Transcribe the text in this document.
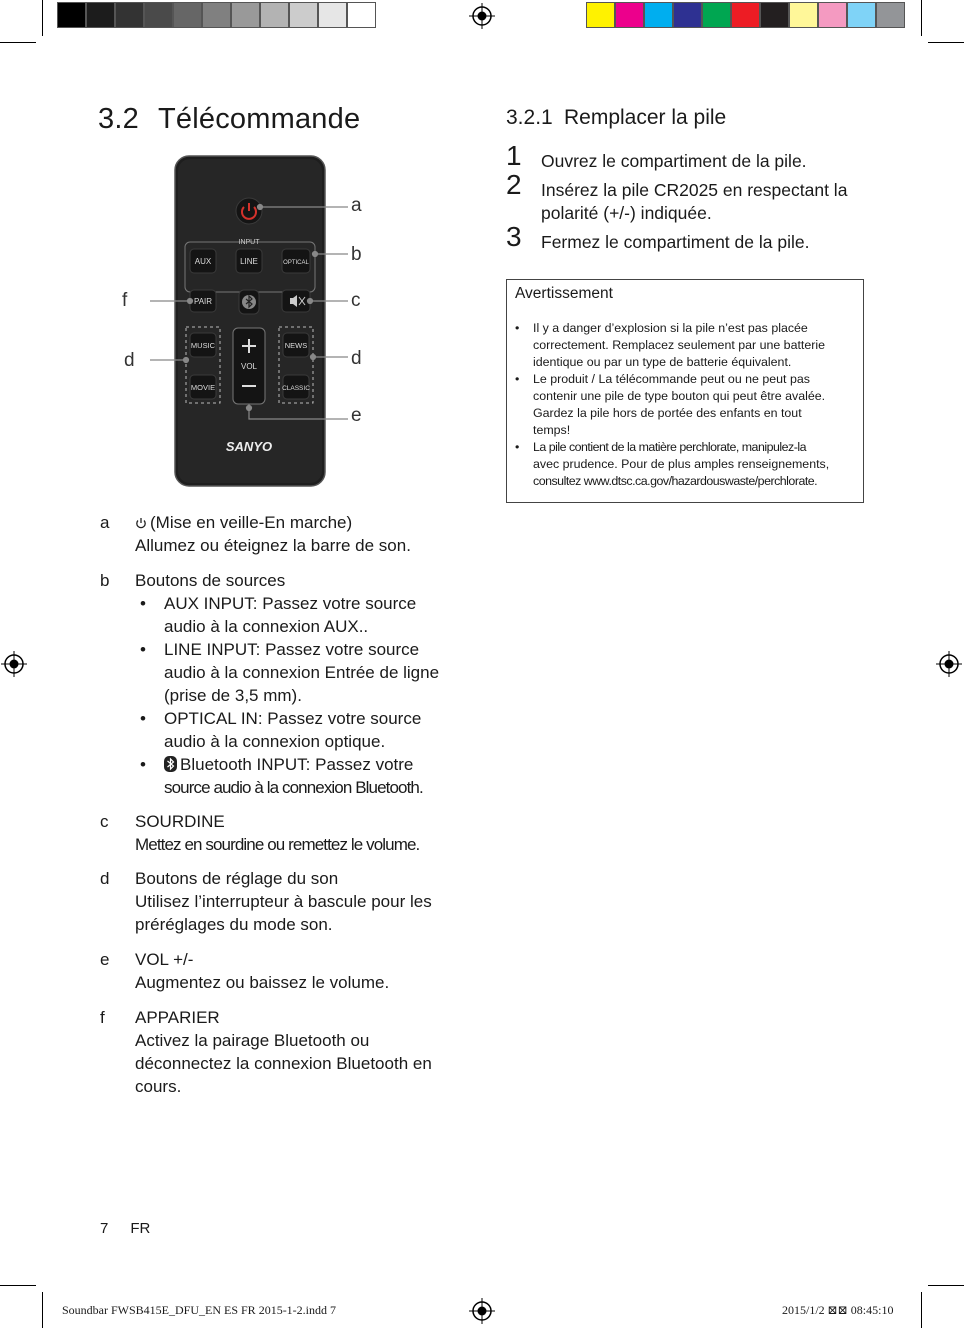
3.2 Télécommande
INPUT
AUX	LINE	OPTICAL
PAIR
MUSIC
MOVIE
NEWS
CLASSIC
VOL
SANYO
a
b
c
d
e
f
d
a	(Mise en veille-En marche)
Allumez ou éteignez la barre de son.
b Boutons de sources
• AUX INPUT: Passez votre source
audio à la connexion AUX..
• LINE INPUT: Passez votre source
audio à la connexion Entrée de ligne
(prise de 3,5 mm).
• OPTICAL IN: Passez votre source
audio à la connexion optique.
• Bluetooth INPUT: Passez votre
source audio à la connexion Bluetooth.
c SOURDINE
Mettez en sourdine ou remettez le volume.
d Boutons de réglage du son
Utilisez l’interrupteur à bascule pour les
préréglages du mode son.
e VOL +/-
Augmentez ou baissez le volume.
f APPARIER
Activez la pairage Bluetooth ou
déconnectez la connexion Bluetooth en
cours.
3.2.1 Remplacer la pile
1 Ouvrez le compartiment de la pile.
2 Insérez la pile CR2025 en respectant la
polarité (+/-) indiquée.
3 Fermez le compartiment de la pile.
Avertissement
• Il y a danger d’explosion si la pile n’est pas placée
correctement. Remplacez seulement par une batterie
identique ou par un type de batterie équivalent.
• Le produit / La télécommande peut ou ne peut pas
contenir une pile de type bouton qui peut être avalée.
Gardez la pile hors de portée des enfants en tout
temps!
• La pile contient de la matière perchlorate, manipulez-la
avec prudence. Pour de plus amples renseignements,
consultez www.dtsc.ca.gov/hazardouswaste/perchlorate.
7 FR
Soundbar FWSB415E_DFU_EN ES FR 2015-1-2.indd 7	2015/1/2 ⊠⊠ 08:45:10
